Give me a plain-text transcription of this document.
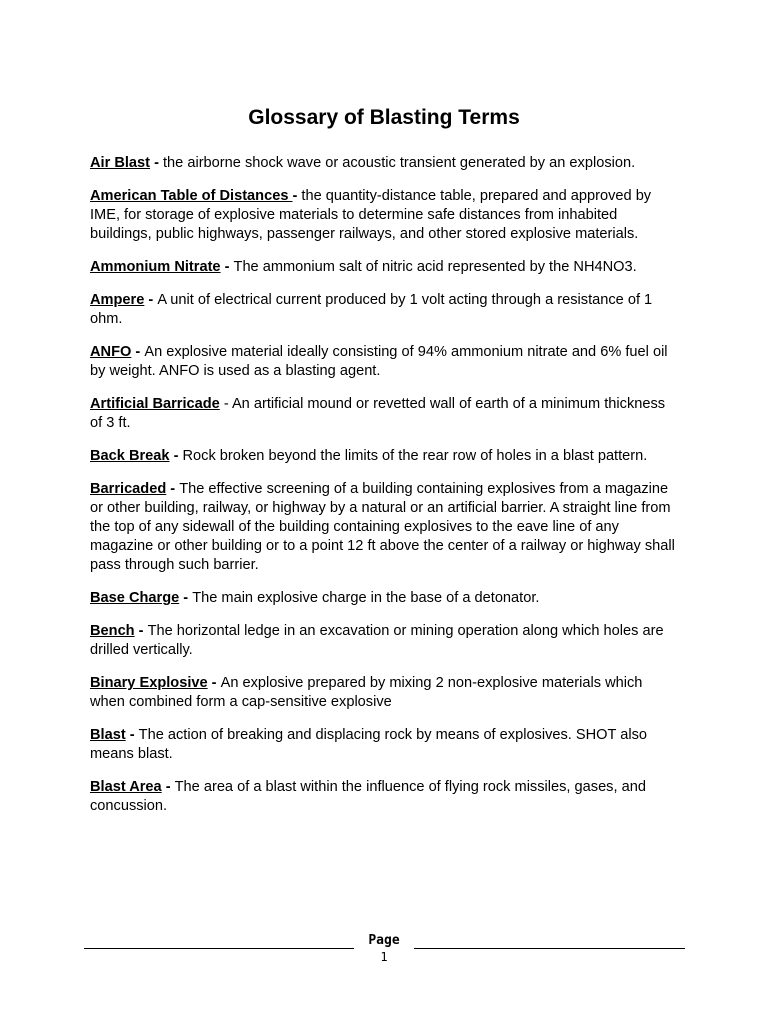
Glossary of Blasting Terms

Air Blast - the airborne shock wave or acoustic transient generated by an explosion.

American Table of Distances - the quantity-distance table, prepared and approved by IME, for storage of explosive materials to determine safe distances from inhabited buildings, public highways, passenger railways, and other stored explosive materials.

Ammonium Nitrate - The ammonium salt of nitric acid represented by the NH4NO3.

Ampere - A unit of electrical current produced by 1 volt acting through a resistance of 1 ohm.

ANFO - An explosive material ideally consisting of 94% ammonium nitrate and 6% fuel oil by weight. ANFO is used as a blasting agent.

Artificial Barricade - An artificial mound or revetted wall of earth of a minimum thickness of 3 ft.

Back Break - Rock broken beyond the limits of the rear row of holes in a blast pattern.

Barricaded - The effective screening of a building containing explosives from a magazine or other building, railway, or highway by a natural or an artificial barrier. A straight line from the top of any sidewall of the building containing explosives to the eave line of any magazine or other building or to a point 12 ft above the center of a railway or highway shall pass through such barrier.

Base Charge - The main explosive charge in the base of a detonator.

Bench - The horizontal ledge in an excavation or mining operation along which holes are drilled vertically.

Binary Explosive - An explosive prepared by mixing 2 non-explosive materials which when combined form a cap-sensitive explosive

Blast - The action of breaking and displacing rock by means of explosives. SHOT also means blast.

Blast Area - The area of a blast within the influence of flying rock missiles, gases, and concussion.

Page
1
